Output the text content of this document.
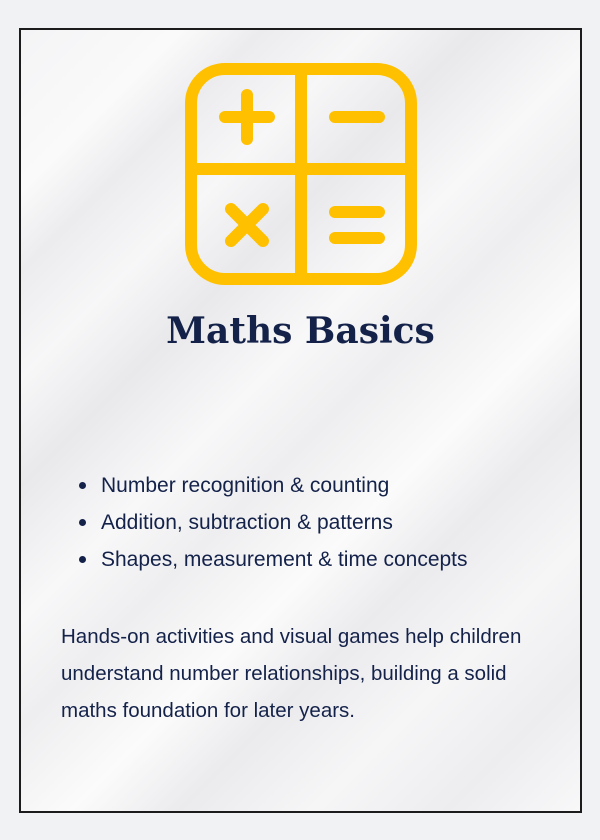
Maths Basics
Number recognition & counting
Addition, subtraction & patterns
Shapes, measurement & time concepts

Hands-on activities and visual games help children understand number relationships, building a solid maths foundation for later years.
